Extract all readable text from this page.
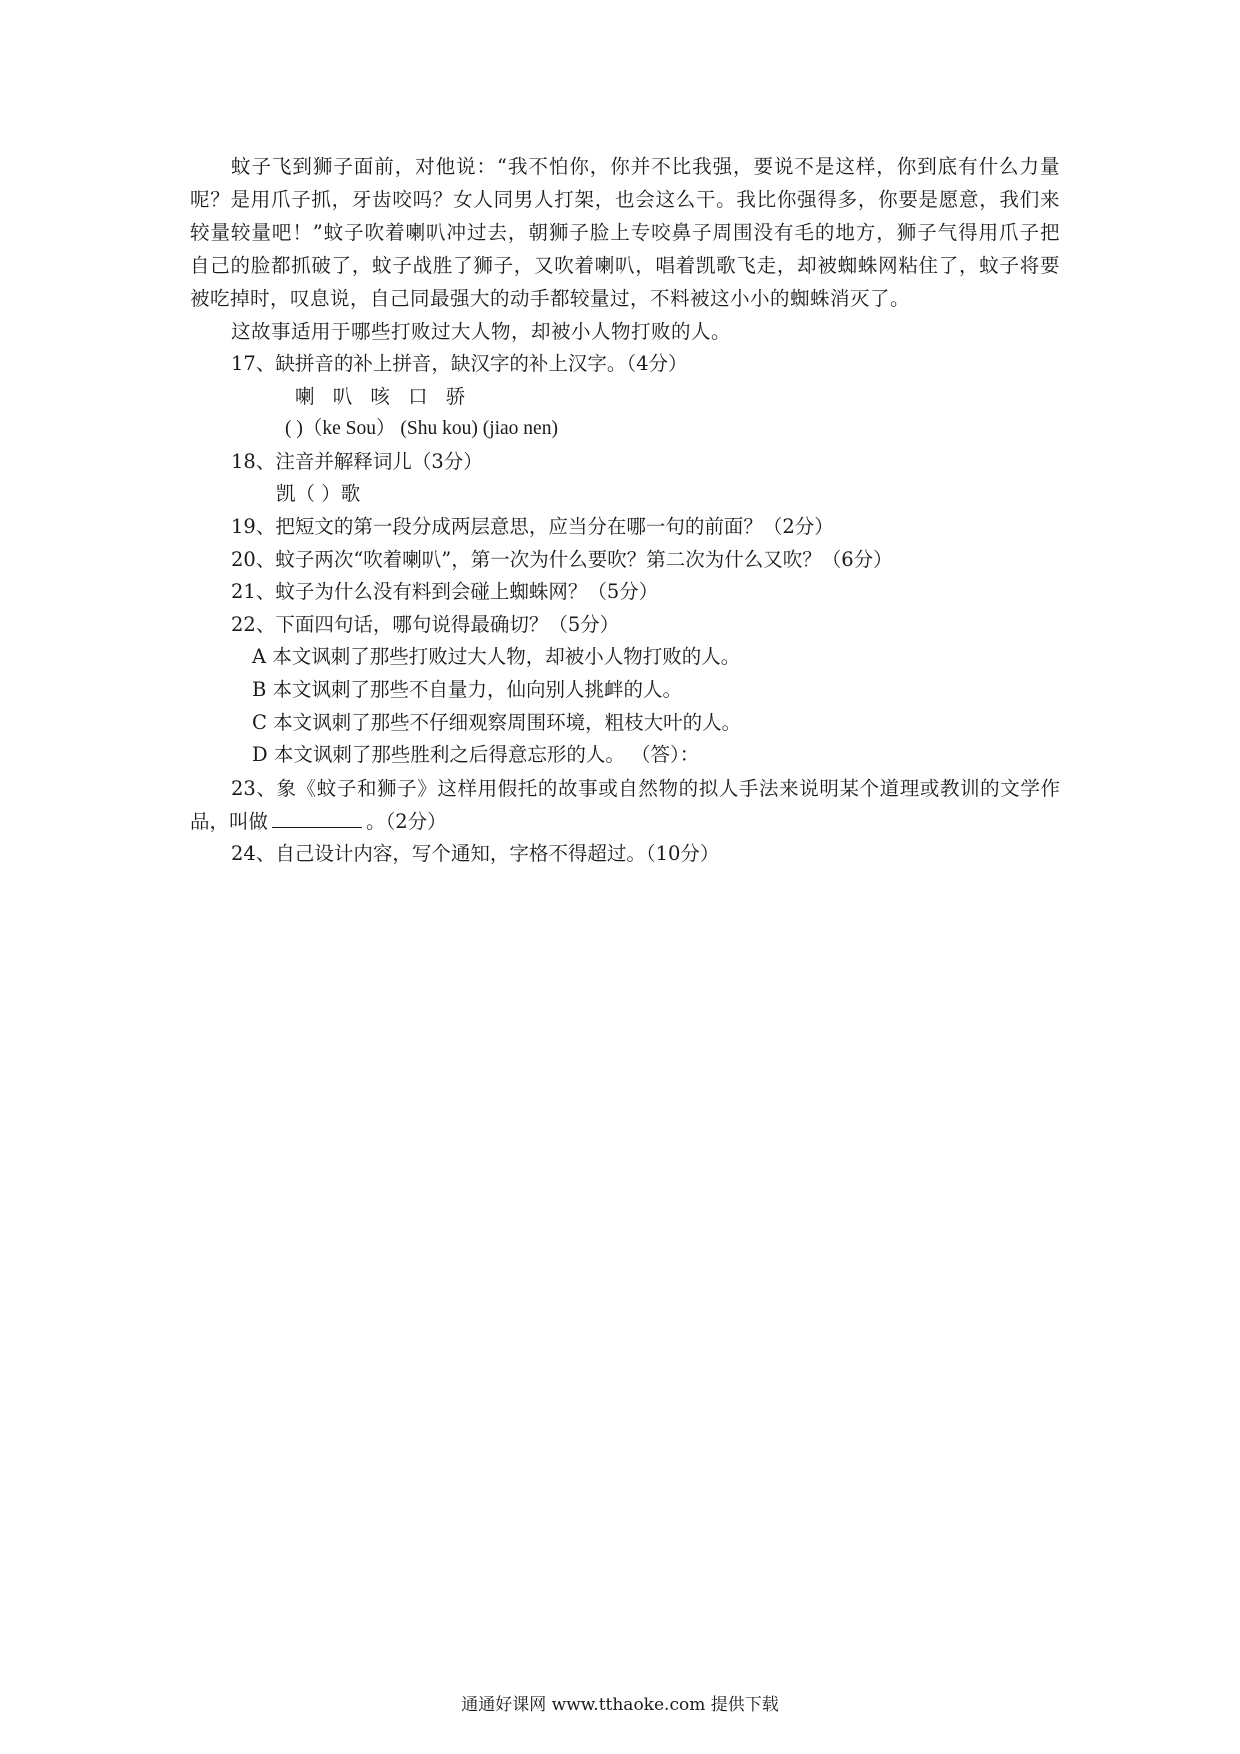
蚊子飞到狮子面前，对他说：“我不怕你，你并不比我强，要说不是这样，你到底有什么力量呢？是用爪子抓，牙齿咬吗？女人同男人打架，也会这么干。我比你强得多，你要是愿意，我们来较量较量吧！”蚊子吹着喇叭冲过去，朝狮子脸上专咬鼻子周围没有毛的地方，狮子气得用爪子把自己的脸都抓破了，蚊子战胜了狮子，又吹着喇叭，唱着凯歌飞走，却被蜘蛛网粘住了，蚊子将要被吃掉时，叹息说，自己同最强大的动手都较量过，不料被这小小的蜘蛛消灭了。

这故事适用于哪些打败过大人物，却被小人物打败的人。

17、缺拼音的补上拼音，缺汉字的补上汉字。（4分）

喇 叭 咳 口 骄

( )（ke Sou） (Shu kou) (jiao nen)

18、注音并解释词儿（3分）

凯（ ）歌

19、把短文的第一段分成两层意思，应当分在哪一句的前面？（2分）

20、蚊子两次“吹着喇叭”，第一次为什么要吹？第二次为什么又吹？（6分）

21、蚊子为什么没有料到会碰上蜘蛛网？（5分）

22、下面四句话，哪句说得最确切？（5分）

A 本文讽刺了那些打败过大人物，却被小人物打败的人。

B 本文讽刺了那些不自量力，仙向别人挑衅的人。

C 本文讽刺了那些不仔细观察周围环境，粗枝大叶的人。

D 本文讽刺了那些胜利之后得意忘形的人。 （答）：

23、象《蚊子和狮子》这样用假托的故事或自然物的拟人手法来说明某个道理或教训的文学作品，叫做	。（2分）

24、自己设计内容，写个通知，字格不得超过。（10分）

通通好课网 www.tthaoke.com 提供下载
